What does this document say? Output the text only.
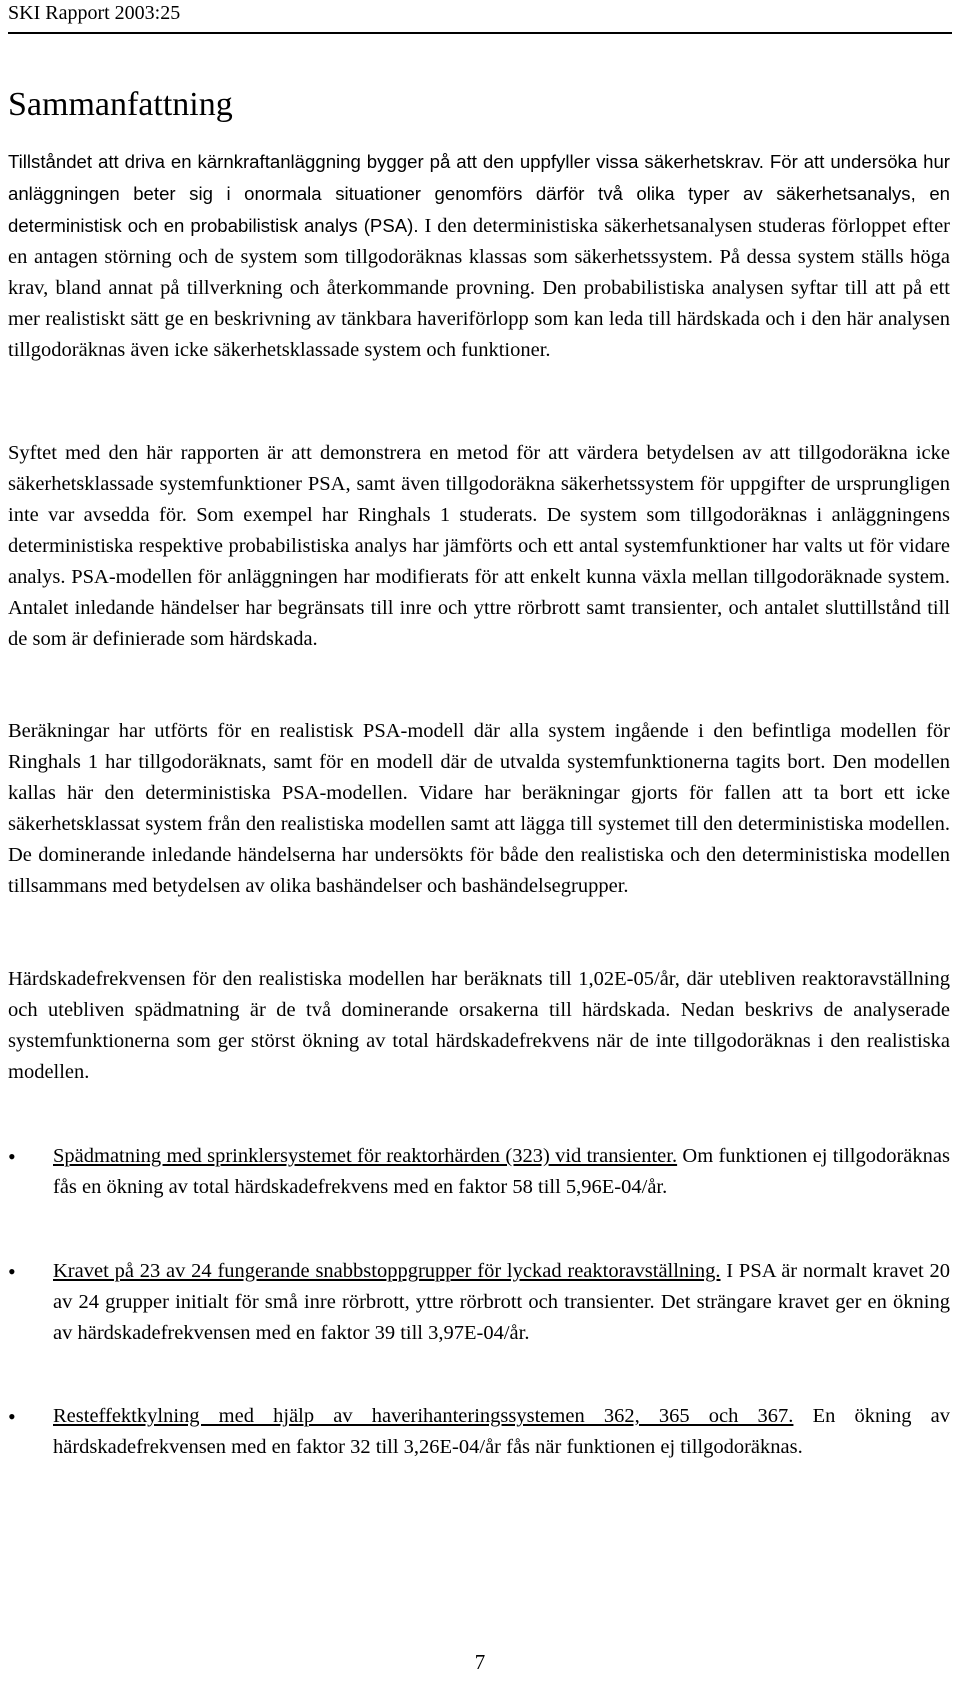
SKI Rapport 2003:25
Sammanfattning
Tillståndet att driva en kärnkraftanläggning bygger på att den uppfyller vissa säkerhetskrav. För att undersöka hur anläggningen beter sig i onormala situationer genomförs därför två olika typer av säkerhetsanalys, en deterministisk och en probabilistisk analys (PSA). I den deterministiska säkerhetsanalysen studeras förloppet efter en antagen störning och de system som tillgodoräknas klassas som säkerhetssystem. På dessa system ställs höga krav, bland annat på tillverkning och återkommande provning. Den probabilistiska analysen syftar till att på ett mer realistiskt sätt ge en beskrivning av tänkbara haveriförlopp som kan leda till härdskada och i den här analysen tillgodoräknas även icke säkerhetsklassade system och funktioner.
Syftet med den här rapporten är att demonstrera en metod för att värdera betydelsen av att tillgodoräkna icke säkerhetsklassade systemfunktioner PSA, samt även tillgodoräkna säkerhetssystem för uppgifter de ursprungligen inte var avsedda för. Som exempel har Ringhals 1 studerats. De system som tillgodoräknas i anläggningens deterministiska respektive probabilistiska analys har jämförts och ett antal systemfunktioner har valts ut för vidare analys. PSA-modellen för anläggningen har modifierats för att enkelt kunna växla mellan tillgodoräknade system. Antalet inledande händelser har begränsats till inre och yttre rörbrott samt transienter, och antalet sluttillstånd till de som är definierade som härdskada.
Beräkningar har utförts för en realistisk PSA-modell där alla system ingående i den befintliga modellen för Ringhals 1 har tillgodoräknats, samt för en modell där de utvalda systemfunktionerna tagits bort. Den modellen kallas här den deterministiska PSA-modellen. Vidare har beräkningar gjorts för fallen att ta bort ett icke säkerhetsklassat system från den realistiska modellen samt att lägga till systemet till den deterministiska modellen. De dominerande inledande händelserna har undersökts för både den realistiska och den deterministiska modellen tillsammans med betydelsen av olika bashändelser och bashändelsegrupper.
Härdskadefrekvensen för den realistiska modellen har beräknats till 1,02E-05/år, där utebliven reaktoravställning och utebliven spädmatning är de två dominerande orsakerna till härdskada. Nedan beskrivs de analyserade systemfunktionerna som ger störst ökning av total härdskadefrekvens när de inte tillgodoräknas i den realistiska modellen.
• Spädmatning med sprinklersystemet för reaktorhärden (323) vid transienter. Om funktionen ej tillgodoräknas fås en ökning av total härdskadefrekvens med en faktor 58 till 5,96E-04/år.
• Kravet på 23 av 24 fungerande snabbstoppgrupper för lyckad reaktoravställning. I PSA är normalt kravet 20 av 24 grupper initialt för små inre rörbrott, yttre rörbrott och transienter. Det strängare kravet ger en ökning av härdskadefrekvensen med en faktor 39 till 3,97E-04/år.
• Resteffektkylning med hjälp av haverihanteringssystemen 362, 365 och 367. En ökning av härdskadefrekvensen med en faktor 32 till 3,26E-04/år fås när funktionen ej tillgodoräknas.
7
